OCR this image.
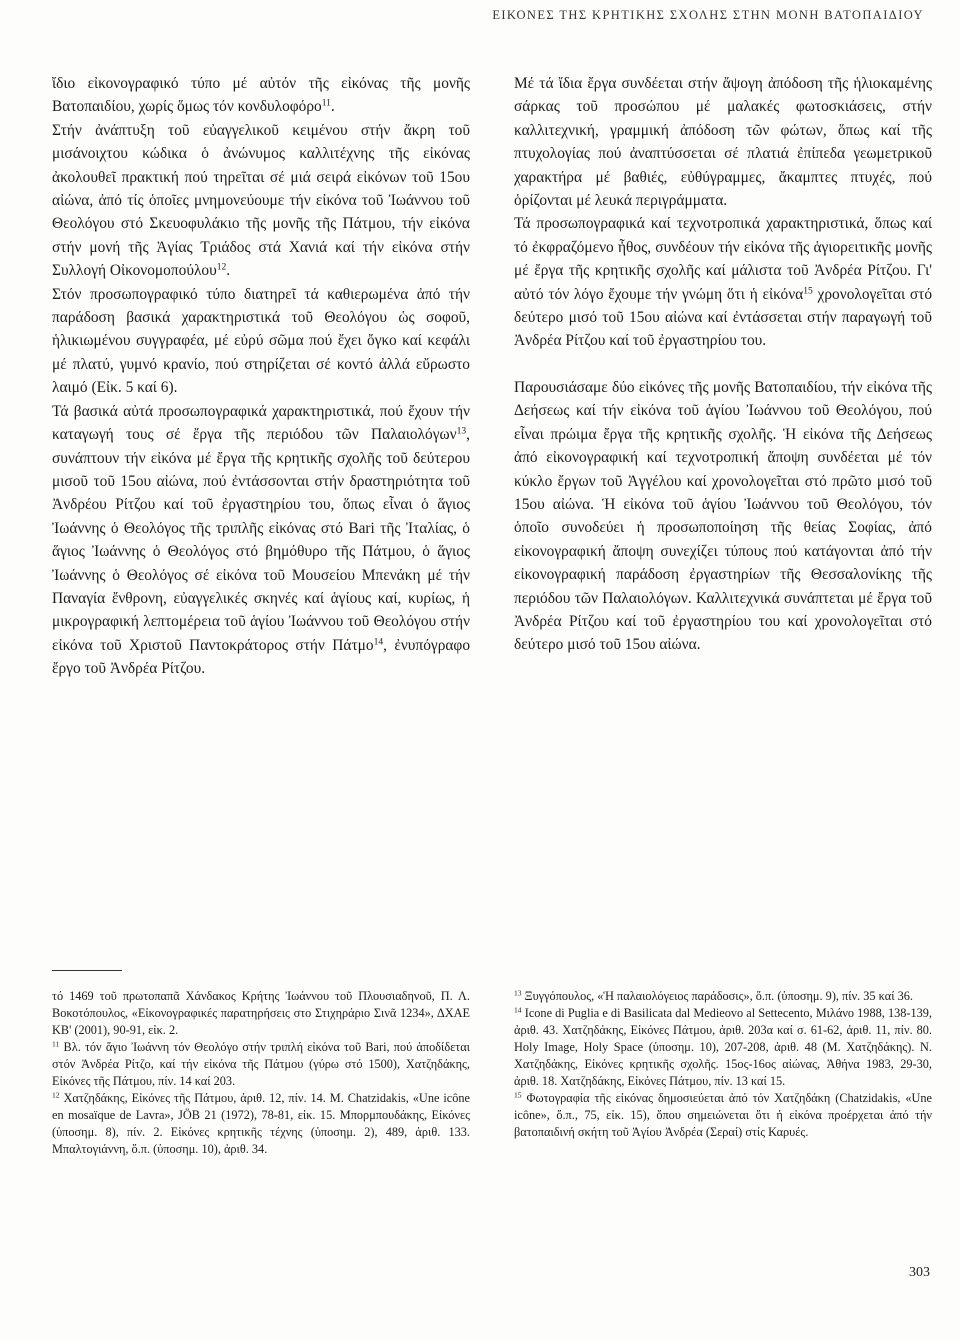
ΕΙΚΟΝΕΣ ΤΗΣ ΚΡΗΤΙΚΗΣ ΣΧΟΛΗΣ ΣΤΗΝ ΜΟΝΗ ΒΑΤΟΠΑΙΔΙΟΥ

ἴδιο εἰκονογραφικό τύπο μέ αὐτόν τῆς εἰκόνας τῆς μονῆς Βατοπαιδίου, χωρίς ὅμως τόν κονδυλοφόρο$^{11}$.

Στήν ἀνάπτυξη τοῦ εὐαγγελικοῦ κειμένου στήν ἄκρη τοῦ μισάνοιχτου κώδικα ὁ ἀνώνυμος καλλιτέχνης τῆς εἰκόνας ἀκολουθεῖ πρακτική πού τηρεῖται σέ μιά σειρά εἰκόνων τοῦ 15ου αἰώνα, ἀπό τίς ὁποῖες μνημονεύουμε τήν εἰκόνα τοῦ Ἰωάννου τοῦ Θεολόγου στό Σκευοφυλάκιο τῆς μονῆς τῆς Πάτμου, τήν εἰκόνα στήν μονή τῆς Ἁγίας Τριάδος στά Χανιά καί τήν εἰκόνα στήν Συλλογή Οἰκονομοπούλου$^{12}$.

Στόν προσωπογραφικό τύπο διατηρεῖ τά καθιερωμένα ἀπό τήν παράδοση βασικά χαρακτηριστικά τοῦ Θεολόγου ὡς σοφοῦ, ἡλικιωμένου συγγραφέα, μέ εὐρύ σῶμα πού ἔχει ὄγκο καί κεφάλι μέ πλατύ, γυμνό κρανίο, πού στηρίζεται σέ κοντό ἀλλά εὔρωστο λαιμό (Εἰκ. 5 καί 6).

Τά βασικά αὐτά προσωπογραφικά χαρακτηριστικά, πού ἔχουν τήν καταγωγή τους σέ ἔργα τῆς περιόδου τῶν Παλαιολόγων$^{13}$, συνάπτουν τήν εἰκόνα μέ ἔργα τῆς κρητικῆς σχολῆς τοῦ δεύτερου μισοῦ τοῦ 15ου αἰώνα, πού ἐντάσσονται στήν δραστηριότητα τοῦ Ἀνδρέου Ρίτζου καί τοῦ ἐργαστηρίου του, ὅπως εἶναι ὁ ἅγιος Ἰωάννης ὁ Θεολόγος τῆς τριπλῆς εἰκόνας στό Bari τῆς Ἰταλίας, ὁ ἅγιος Ἰωάννης ὁ Θεολόγος στό βημόθυρο τῆς Πάτμου, ὁ ἅγιος Ἰωάννης ὁ Θεολόγος σέ εἰκόνα τοῦ Μουσείου Μπενάκη μέ τήν Παναγία ἔνθρονη, εὐαγγελικές σκηνές καί ἁγίους καί, κυρίως, ἡ μικρογραφική λεπτομέρεια τοῦ ἁγίου Ἰωάννου τοῦ Θεολόγου στήν εἰκόνα τοῦ Χριστοῦ Παντοκράτορος στήν Πάτμο$^{14}$, ἐνυπόγραφο ἔργο τοῦ Ἀνδρέα Ρίτζου.

Μέ τά ἴδια ἔργα συνδέεται στήν ἄψογη ἀπόδοση τῆς ἡλιοκαμένης σάρκας τοῦ προσώπου μέ μαλακές φωτοσκιάσεις, στήν καλλιτεχνική, γραμμική ἀπόδοση τῶν φώτων, ὅπως καί τῆς πτυχολογίας πού ἀναπτύσσεται σέ πλατιά ἐπίπεδα γεωμετρικοῦ χαρακτήρα μέ βαθιές, εὐθύγραμμες, ἄκαμπτες πτυχές, πού ὁρίζονται μέ λευκά περιγράμματα.

Τά προσωπογραφικά καί τεχνοτροπικά χαρακτηριστικά, ὅπως καί τό ἐκφραζόμενο ἦθος, συνδέουν τήν εἰκόνα τῆς ἁγιορειτικῆς μονῆς μέ ἔργα τῆς κρητικῆς σχολῆς καί μάλιστα τοῦ Ἀνδρέα Ρίτζου. Γι' αὐτό τόν λόγο ἔχουμε τήν γνώμη ὅτι ἡ εἰκόνα$^{15}$ χρονολογεῖται στό δεύτερο μισό τοῦ 15ου αἰώνα καί ἐντάσσεται στήν παραγωγή τοῦ Ἀνδρέα Ρίτζου καί τοῦ ἐργαστηρίου του.

Παρουσιάσαμε δύο εἰκόνες τῆς μονῆς Βατοπαιδίου, τήν εἰκόνα τῆς Δεήσεως καί τήν εἰκόνα τοῦ ἁγίου Ἰωάννου τοῦ Θεολόγου, πού εἶναι πρώιμα ἔργα τῆς κρητικῆς σχολῆς. Ἡ εἰκόνα τῆς Δεήσεως ἀπό εἰκονογραφική καί τεχνοτροπική ἄποψη συνδέεται μέ τόν κύκλο ἔργων τοῦ Ἀγγέλου καί χρονολογεῖται στό πρῶτο μισό τοῦ 15ου αἰώνα. Ἡ εἰκόνα τοῦ ἁγίου Ἰωάννου τοῦ Θεολόγου, τόν ὁποῖο συνοδεύει ἡ προσωποποίηση τῆς θείας Σοφίας, ἀπό εἰκονογραφική ἄποψη συνεχίζει τύπους πού κατάγονται ἀπό τήν εἰκονογραφική παράδοση ἐργαστηρίων τῆς Θεσσαλονίκης τῆς περιόδου τῶν Παλαιολόγων. Καλλιτεχνικά συνάπτεται μέ ἔργα τοῦ Ἀνδρέα Ρίτζου καί τοῦ ἐργαστηρίου του καί χρονολογεῖται στό δεύτερο μισό τοῦ 15ου αἰώνα.

τό 1469 τοῦ πρωτοπαπᾶ Χάνδακος Κρήτης Ἰωάννου τοῦ Πλουσιαδηνοῦ, Π. Λ. Βοκοτόπουλος, «Εἰκονογραφικές παρατηρήσεις στο Στιχηράριο Σινᾶ 1234», ΔΧΑΕ ΚΒ' (2001), 90-91, εἰκ. 2.

$^{11}$ Βλ. τόν ἅγιο Ἰωάννη τόν Θεολόγο στήν τριπλή εἰκόνα τοῦ Bari, πού ἀποδίδεται στόν Ἀνδρέα Ρίτζο, καί τήν εἰκόνα τῆς Πάτμου (γύρω στό 1500), Χατζηδάκης, Εἰκόνες τῆς Πάτμου, πίν. 14 καί 203.

$^{12}$ Χατζηδάκης, Εἰκόνες τῆς Πάτμου, ἀριθ. 12, πίν. 14. M. Chatzidakis, «Une icône en mosaïque de Lavra», JÖB 21 (1972), 78-81, εἰκ. 15. Μπορμπουδάκης, Εἰκόνες (ὑποσημ. 8), πίν. 2. Εἰκόνες κρητικῆς τέχνης (ὑποσημ. 2), 489, ἀριθ. 133. Μπαλτογιάννη, ὅ.π. (ὑποσημ. 10), ἀριθ. 34.

$^{13}$ Ξυγγόπουλος, «Ἡ παλαιολόγειος παράδοσις», ὅ.π. (ὑποσημ. 9), πίν. 35 καί 36.

$^{14}$ Icone di Puglia e di Basilicata dal Medieovo al Settecento, Μιλάνο 1988, 138-139, ἀριθ. 43. Χατζηδάκης, Εἰκόνες Πάτμου, ἀριθ. 203α καί σ. 61-62, ἀριθ. 11, πίν. 80. Holy Image, Holy Space (ὑποσημ. 10), 207-208, ἀριθ. 48 (Μ. Χατζηδάκης). Ν. Χατζηδάκης, Εἰκόνες κρητικῆς σχολῆς. 15ος-16ος αἰώνας, Ἀθήνα 1983, 29-30, ἀριθ. 18. Χατζηδάκης, Εἰκόνες Πάτμου, πίν. 13 καί 15.

$^{15}$ Φωτογραφία τῆς εἰκόνας δημοσιεύεται ἀπό τόν Χατζηδάκη (Chatzidakis, «Une icône», ὅ.π., 75, εἰκ. 15), ὅπου σημειώνεται ὅτι ἡ εἰκόνα προέρχεται ἀπό τήν βατοπαιδινή σκήτη τοῦ Ἁγίου Ἀνδρέα (Σεραί) στίς Καρυές.

303
